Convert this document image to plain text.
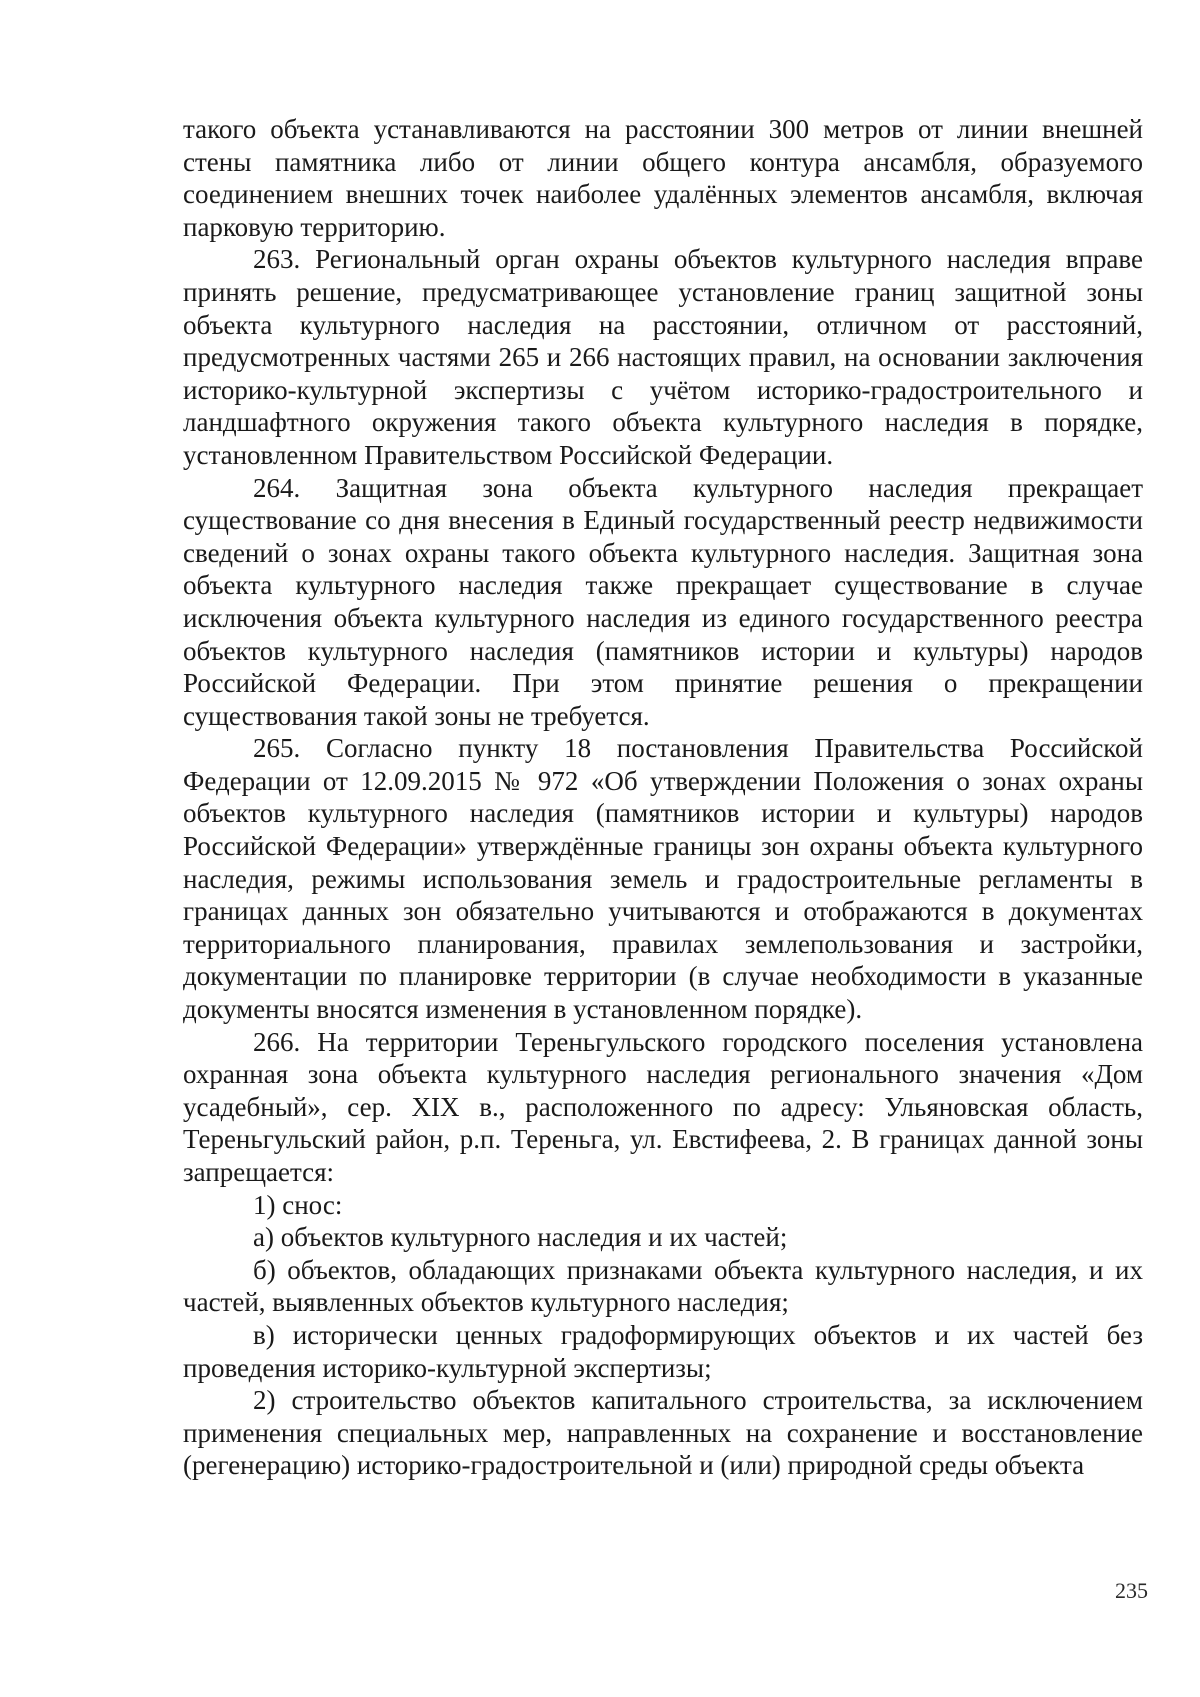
такого объекта устанавливаются на расстоянии 300 метров от линии внешней стены памятника либо от линии общего контура ансамбля, образуемого соединением внешних точек наиболее удалённых элементов ансамбля, включая парковую территорию.

263. Региональный орган охраны объектов культурного наследия вправе принять решение, предусматривающее установление границ защитной зоны объекта культурного наследия на расстоянии, отличном от расстояний, предусмотренных частями 265 и 266 настоящих правил, на основании заключения историко-культурной экспертизы с учётом историко-градостроительного и ландшафтного окружения такого объекта культурного наследия в порядке, установленном Правительством Российской Федерации.

264. Защитная зона объекта культурного наследия прекращает существование со дня внесения в Единый государственный реестр недвижимости сведений о зонах охраны такого объекта культурного наследия. Защитная зона объекта культурного наследия также прекращает существование в случае исключения объекта культурного наследия из единого государственного реестра объектов культурного наследия (памятников истории и культуры) народов Российской Федерации. При этом принятие решения о прекращении существования такой зоны не требуется.

265. Согласно пункту 18 постановления Правительства Российской Федерации от 12.09.2015 № 972 «Об утверждении Положения о зонах охраны объектов культурного наследия (памятников истории и культуры) народов Российской Федерации» утверждённые границы зон охраны объекта культурного наследия, режимы использования земель и градостроительные регламенты в границах данных зон обязательно учитываются и отображаются в документах территориального планирования, правилах землепользования и застройки, документации по планировке территории (в случае необходимости в указанные документы вносятся изменения в установленном порядке).

266. На территории Тереньгульского городского поселения установлена охранная зона объекта культурного наследия регионального значения «Дом усадебный», сер. XIX в., расположенного по адресу: Ульяновская область, Тереньгульский район, р.п. Тереньга, ул. Евстифеева, 2. В границах данной зоны запрещается:

1) снос:

а) объектов культурного наследия и их частей;

б) объектов, обладающих признаками объекта культурного наследия, и их частей, выявленных объектов культурного наследия;

в) исторически ценных градоформирующих объектов и их частей без проведения историко-культурной экспертизы;

2) строительство объектов капитального строительства, за исключением применения специальных мер, направленных на сохранение и восстановление (регенерацию) историко-градостроительной и (или) природной среды объекта

235
